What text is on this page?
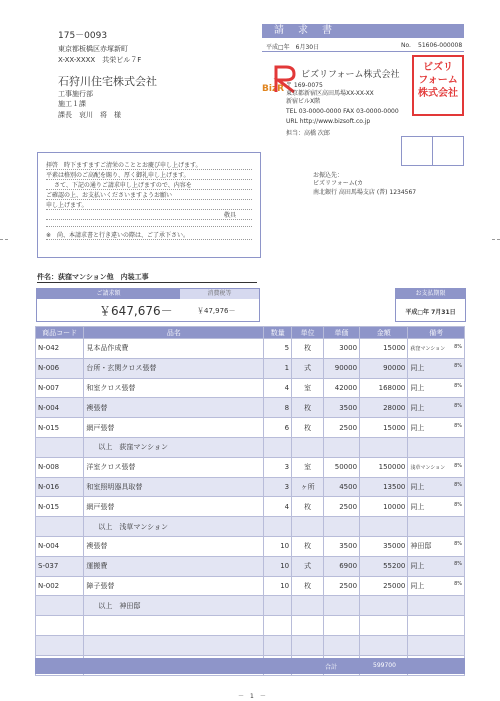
175－0093
東京都板橋区赤塚新町
X-XX-XXXX　共栄ビル７F
石狩川住宅株式会社
工事施行部
施工１課
課長　哀川　将　様
請　求　書
平成□年　6月30日	No. 51606-000008
BizR
ビズリフォーム株式会社
〒 169-0075
東京都新宿区高田馬場XX-XX-XX
新宿ビルX階
TEL 03-0000-0000 FAX 03-0000-0000
URL http://www.bizsoft.co.jp
担当：高橋 次郎
ビズリ
フォーム
株式会社
拝啓　時下ますますご清栄のこととお慶び申し上げます。
平素は格別のご高配を賜り、厚く御礼申し上げます。
さて、下記の通りご請求申し上げますので、内容を
ご確認の上、お支払いくださいますようお願い
申し上げます。
敬具
※　尚、本請求書と行き違いの際は、ご了承下さい。
お振込先：
ビズリフォーム(カ
南北銀行 高田馬場支店 (普) 1234567
件名：荻窪マンション他　内装工事
ご請求額	消費税等
￥647,676－	￥47,976－
お支払期限
平成□年 7月31日
商品コード	品名	数量	単位	単価	金額	備考
N-042	見本品作成費	5	枚	3000	15000	荻窪マンション 8%

N-006	台所・玄関クロス張替	1	式	90000	90000	同上 8%

N-007	和室クロス張替	4	室	42000	168000	同上 8%

N-004	襖張替	8	枚	3500	28000	同上 8%

N-015	網戸張替	6	枚	2500	15000	同上 8%

	以上　荻窪マンション					

N-008	洋室クロス張替	3	室	50000	150000	浅草マンション 8%

N-016	和室照明器具取替	3	ヶ所	4500	13500	同上 8%

N-015	網戸張替	4	枚	2500	10000	同上 8%

	以上　浅草マンション					

N-004	襖張替	10	枚	3500	35000	神田邸 8%

S-037	運搬費	10	式	6900	55200	同上 8%

N-002	障子張替	10	枚	2500	25000	同上 8%

	以上　神田邸					

合計	599700
－　1　－
